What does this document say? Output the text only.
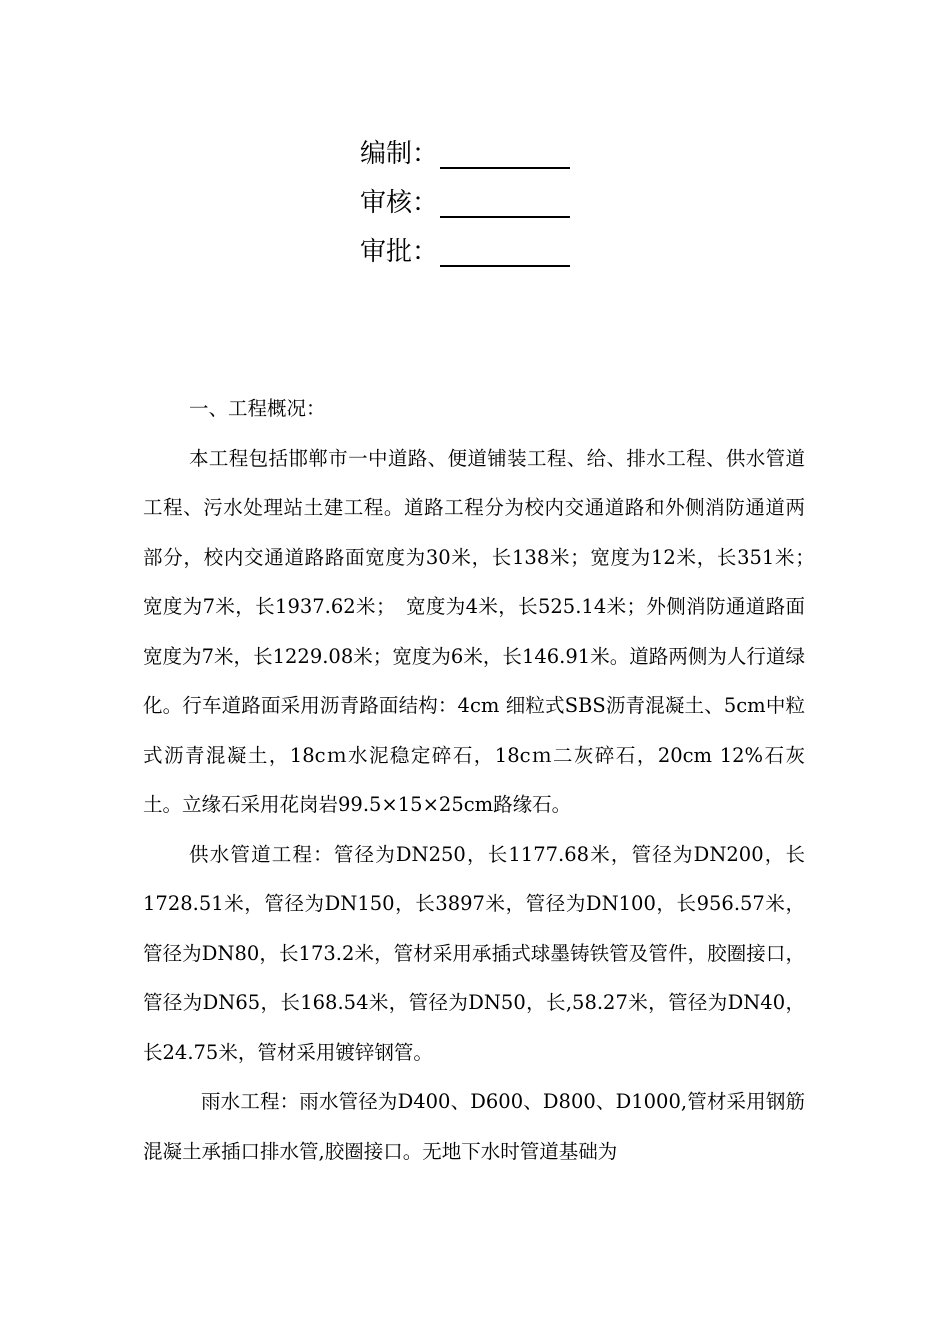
编制：
审核：
审批：

一、工程概况：

本工程包括邯郸市一中道路、便道铺装工程、给、排水工程、供水管道工程、污水处理站土建工程。道路工程分为校内交通道路和外侧消防通道两部分，校内交通道路路面宽度为30米，长138米；宽度为12米，长351米；　宽度为7米，长1937.62米；　宽度为4米，长525.14米；外侧消防通道路面宽度为7米，长1229.08米；宽度为6米，长146.91米。道路两侧为人行道绿化。行车道路面采用沥青路面结构：4cm 细粒式SBS沥青混凝土、5cm中粒式沥青混凝土，18cｍ水泥稳定碎石，18cｍ二灰碎石，20cm 12%石灰土。立缘石采用花岗岩99.5×15×25cm路缘石。

供水管道工程：管径为DN250，长1177.68米，管径为DN200，长1728.51米，管径为DN150，长3897米，管径为DN100，长956.57米，管径为DN80，长173.2米，管材采用承插式球墨铸铁管及管件，胶圈接口，管径为DN65，长168.54米，管径为DN50，长,58.27米，管径为DN40，长24.75米，管材采用镀锌钢管。

雨水工程：雨水管径为D400、D600、D800、D1000,管材采用钢筋混凝土承插口排水管,胶圈接口。无地下水时管道基础为
